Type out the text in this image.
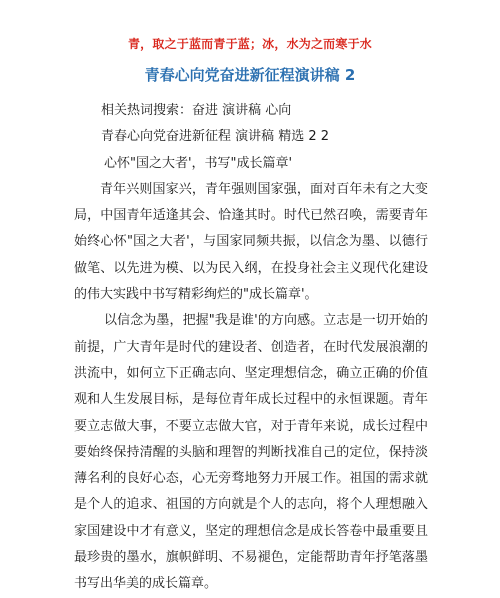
青，取之于蓝而青于蓝；冰，水为之而寒于水
青春心向党奋进新征程演讲稿 2

相关热词搜索：奋进 演讲稿 心向

青春心向党奋进新征程 演讲稿 精选 2 2

心怀"国之大者'，书写"成长篇章'

青年兴则国家兴，青年强则国家强，面对百年未有之大变局，中国青年适逢其会、恰逢其时。时代已然召唤，需要青年始终心怀"国之大者'，与国家同频共振，以信念为墨、以德行做笔、以先进为模、以为民入纲，在投身社会主义现代化建设的伟大实践中书写精彩绚烂的"成长篇章'。

以信念为墨，把握"我是谁'的方向感。立志是一切开始的前提，广大青年是时代的建设者、创造者，在时代发展浪潮的洪流中，如何立下正确志向、坚定理想信念，确立正确的价值观和人生发展目标，是每位青年成长过程中的永恒课题。青年要立志做大事，不要立志做大官，对于青年来说，成长过程中要始终保持清醒的头脑和理智的判断找准自己的定位，保持淡薄名利的良好心态，心无旁骛地努力开展工作。祖国的需求就是个人的追求、祖国的方向就是个人的志向，将个人理想融入家国建设中才有意义，坚定的理想信念是成长答卷中最重要且最珍贵的墨水，旗帜鲜明、不易褪色，定能帮助青年抒笔落墨书写出华美的成长篇章。
